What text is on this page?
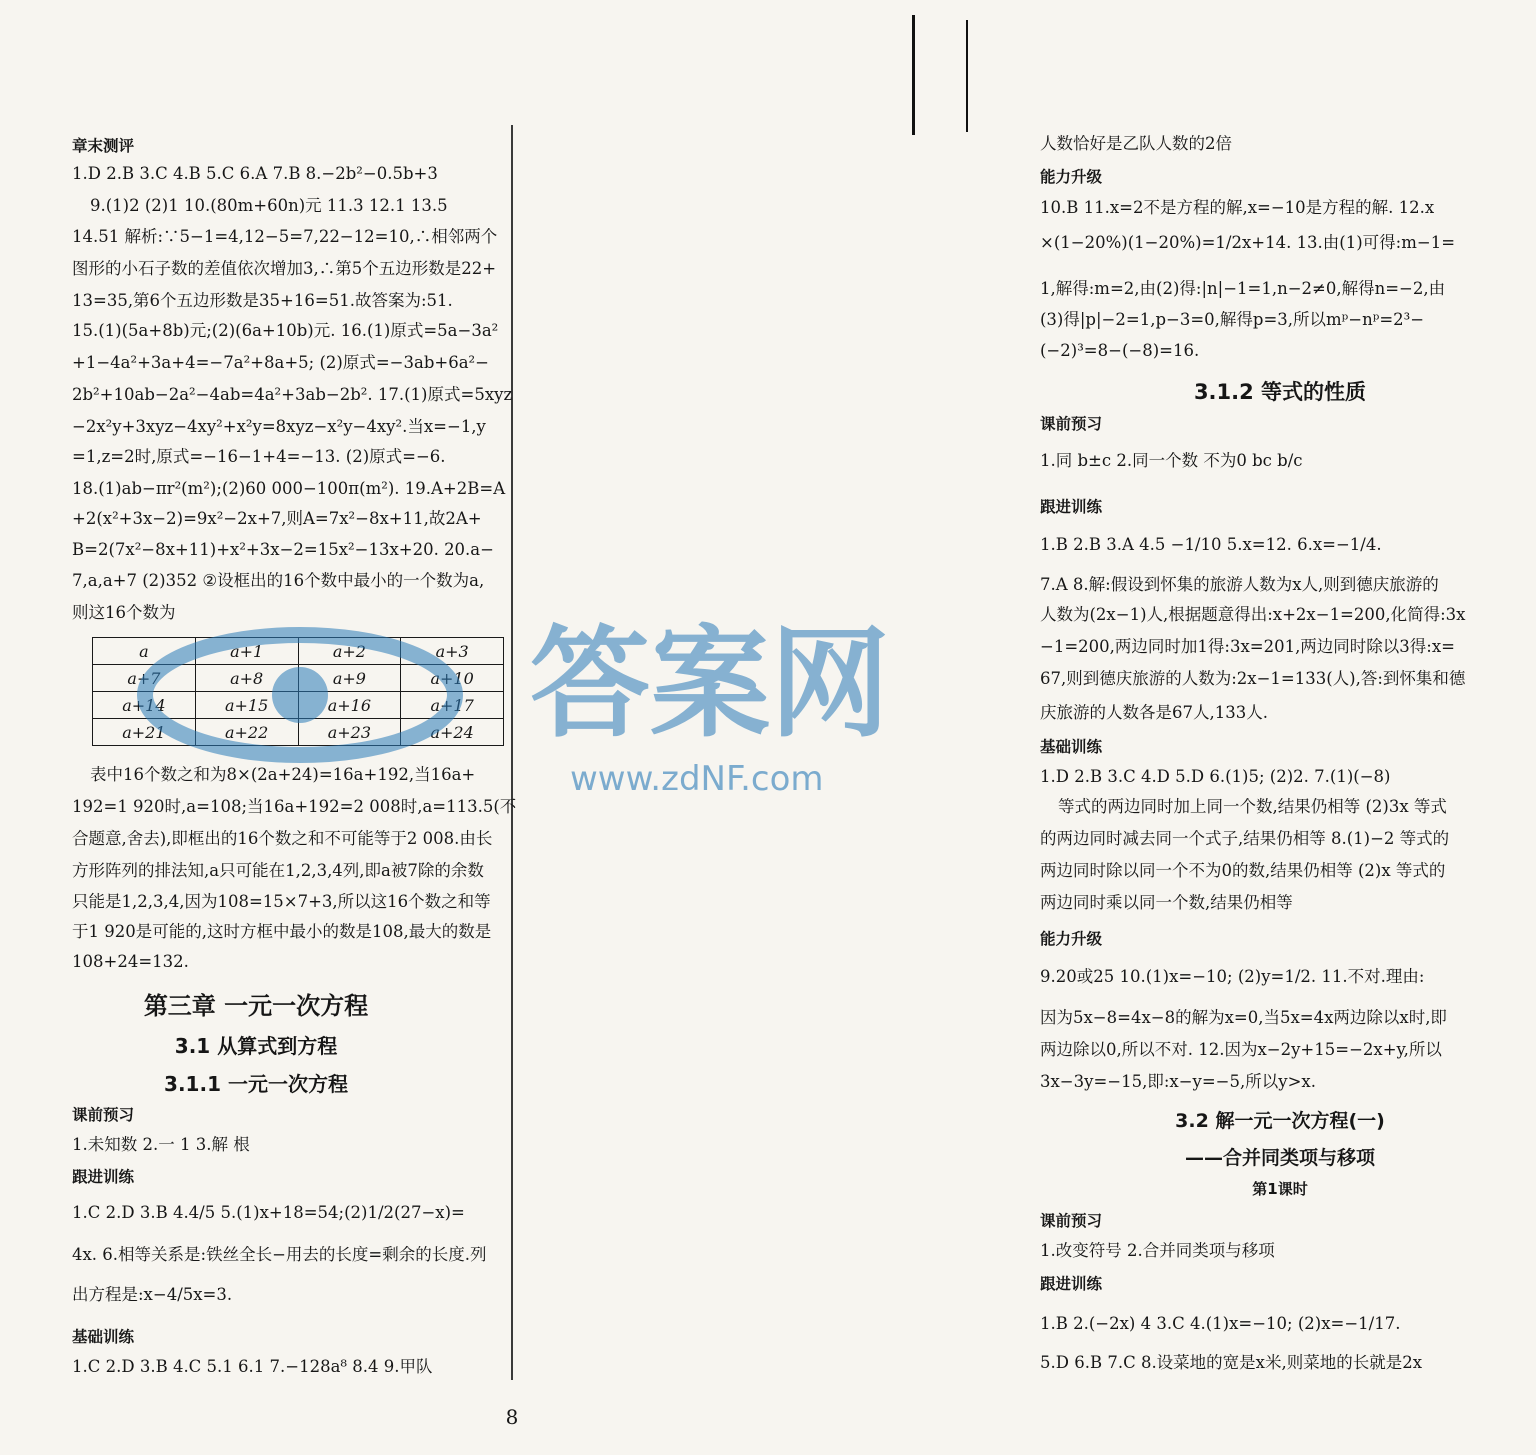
章末测评
1.D 2.B 3.C 4.B 5.C 6.A 7.B 8.−2b²−0.5b+3
9.(1)2 (2)1 10.(80m+60n)元 11.3 12.1 13.5
14.51 解析:∵5−1=4,12−5=7,22−12=10,∴相邻两个
图形的小石子数的差值依次增加3,∴第5个五边形数是22+
13=35,第6个五边形数是35+16=51.故答案为:51.
15.(1)(5a+8b)元;(2)(6a+10b)元. 16.(1)原式=5a−3a²
+1−4a²+3a+4=−7a²+8a+5; (2)原式=−3ab+6a²−
2b²+10ab−2a²−4ab=4a²+3ab−2b². 17.(1)原式=5xyz
−2x²y+3xyz−4xy²+x²y=8xyz−x²y−4xy².当x=−1,y
=1,z=2时,原式=−16−1+4=−13. (2)原式=−6.
18.(1)ab−πr²(m²);(2)60 000−100π(m²). 19.A+2B=A
+2(x²+3x−2)=9x²−2x+7,则A=7x²−8x+11,故2A+
B=2(7x²−8x+11)+x²+3x−2=15x²−13x+20. 20.a−
7,a,a+7 (2)352 ②设框出的16个数中最小的一个数为a,
则这16个数为
a	a+1	a+2	a+3
a+7	a+8	a+9	a+10
a+14	a+15	a+16	a+17
a+21	a+22	a+23	a+24
表中16个数之和为8×(2a+24)=16a+192,当16a+
192=1 920时,a=108;当16a+192=2 008时,a=113.5(不
合题意,舍去),即框出的16个数之和不可能等于2 008.由长
方形阵列的排法知,a只可能在1,2,3,4列,即a被7除的余数
只能是1,2,3,4,因为108=15×7+3,所以这16个数之和等
于1 920是可能的,这时方框中最小的数是108,最大的数是
108+24=132.
第三章 一元一次方程
3.1 从算式到方程
3.1.1 一元一次方程
课前预习
1.未知数 2.一 1 3.解 根
跟进训练
1.C 2.D 3.B 4.4/5 5.(1)x+18=54;(2)1/2(27−x)=
4x. 6.相等关系是:铁丝全长−用去的长度=剩余的长度.列
出方程是:x−4/5x=3.
基础训练
1.C 2.D 3.B 4.C 5.1 6.1 7.−128a⁸ 8.4 9.甲队
人数恰好是乙队人数的2倍
能力升级
10.B 11.x=2不是方程的解,x=−10是方程的解. 12.x
×(1−20%)(1−20%)=1/2x+14. 13.由(1)可得:m−1=
1,解得:m=2,由(2)得:|n|−1=1,n−2≠0,解得n=−2,由
(3)得|p|−2=1,p−3=0,解得p=3,所以mᵖ−nᵖ=2³−
(−2)³=8−(−8)=16.
3.1.2 等式的性质
课前预习
1.同 b±c 2.同一个数 不为0 bc b/c
跟进训练
1.B 2.B 3.A 4.5 −1/10 5.x=12. 6.x=−1/4.
7.A 8.解:假设到怀集的旅游人数为x人,则到德庆旅游的
人数为(2x−1)人,根据题意得出:x+2x−1=200,化简得:3x
−1=200,两边同时加1得:3x=201,两边同时除以3得:x=
67,则到德庆旅游的人数为:2x−1=133(人),答:到怀集和德
庆旅游的人数各是67人,133人.
基础训练
1.D 2.B 3.C 4.D 5.D 6.(1)5; (2)2. 7.(1)(−8)
等式的两边同时加上同一个数,结果仍相等 (2)3x 等式
的两边同时减去同一个式子,结果仍相等 8.(1)−2 等式的
两边同时除以同一个不为0的数,结果仍相等 (2)x 等式的
两边同时乘以同一个数,结果仍相等
能力升级
9.20或25 10.(1)x=−10; (2)y=1/2. 11.不对.理由:
因为5x−8=4x−8的解为x=0,当5x=4x两边除以x时,即
两边除以0,所以不对. 12.因为x−2y+15=−2x+y,所以
3x−3y=−15,即:x−y=−5,所以y>x.
3.2 解一元一次方程(一)
——合并同类项与移项
第1课时
课前预习
1.改变符号 2.合并同类项与移项
跟进训练
1.B 2.(−2x) 4 3.C 4.(1)x=−10; (2)x=−1/17.
5.D 6.B 7.C 8.设菜地的宽是x米,则菜地的长就是2x
答案网
www.zdNF.com
8
